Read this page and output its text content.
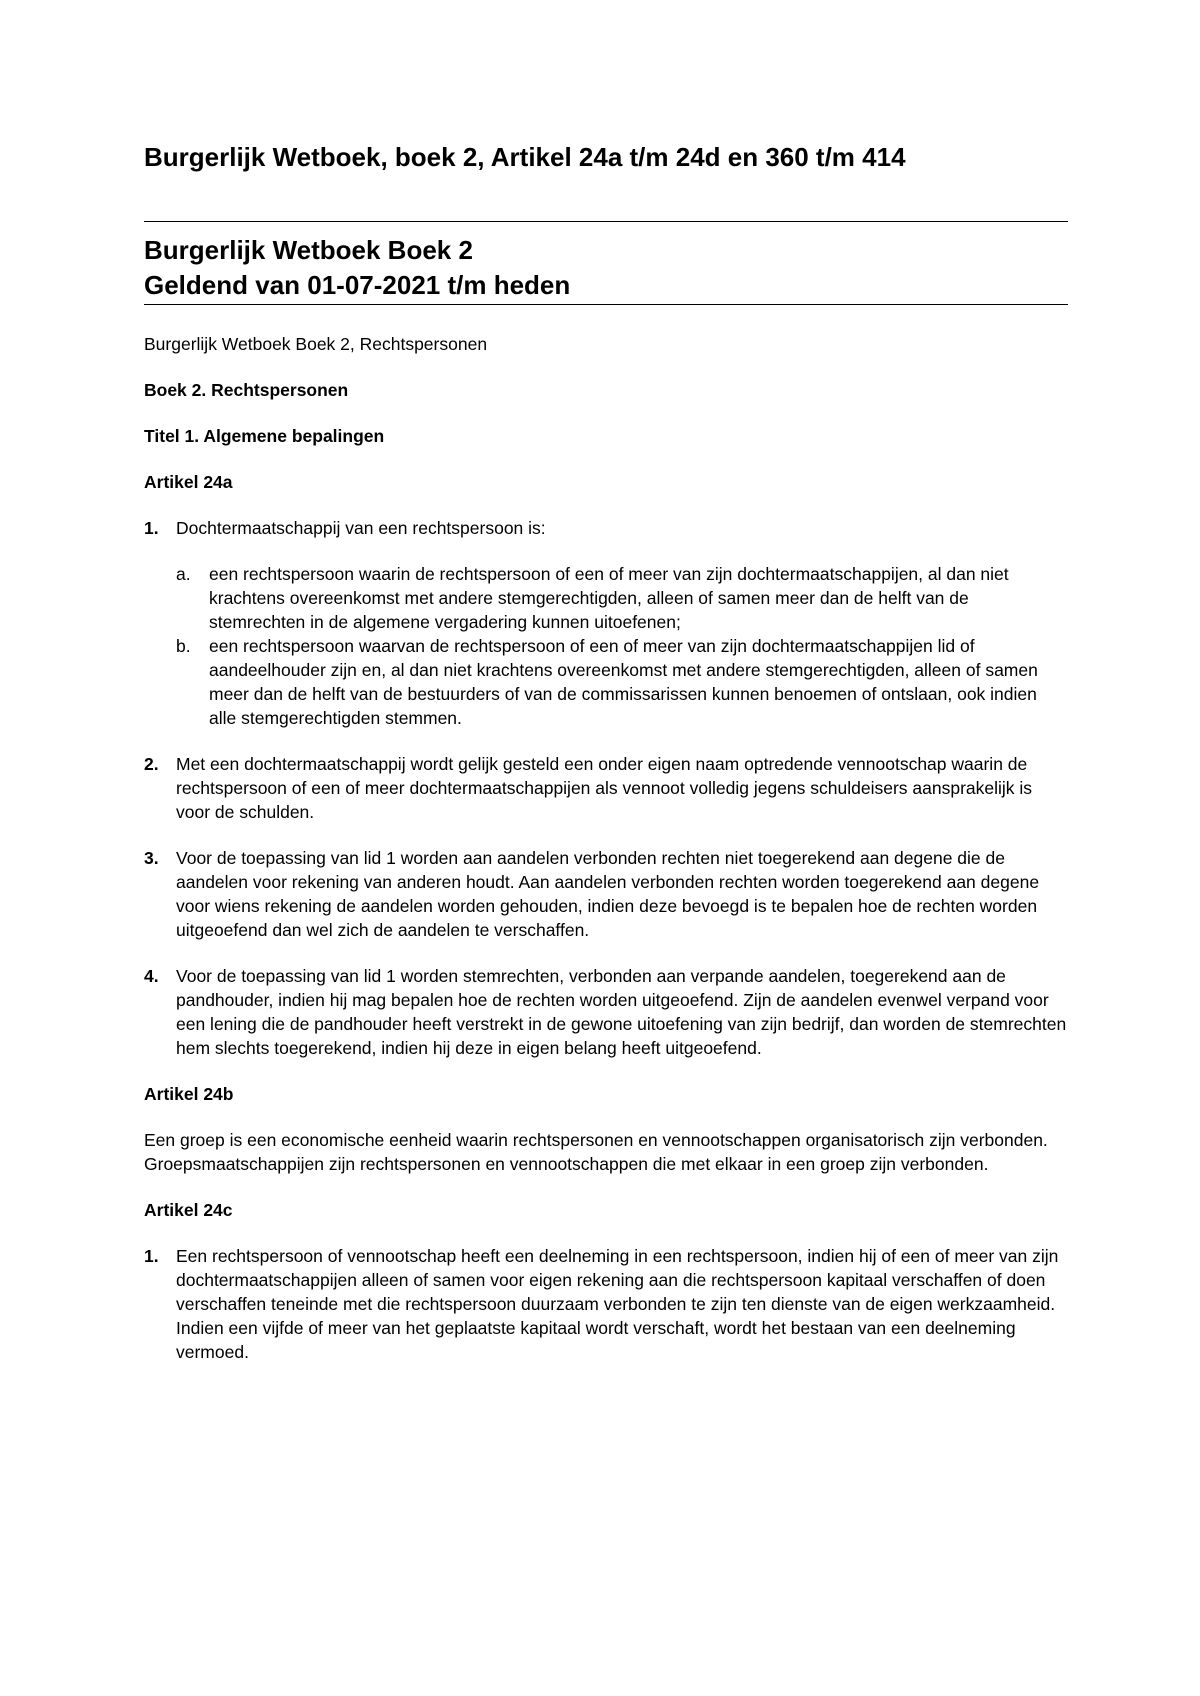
Burgerlijk Wetboek, boek 2, Artikel 24a t/m 24d en 360 t/m 414
Burgerlijk Wetboek Boek 2
Geldend van 01-07-2021 t/m heden

Burgerlijk Wetboek Boek 2, Rechtspersonen

Boek 2. Rechtspersonen

Titel 1. Algemene bepalingen

Artikel 24a

1. Dochtermaatschappij van een rechtspersoon is:
a. een rechtspersoon waarin de rechtspersoon of een of meer van zijn dochtermaatschappijen, al dan niet krachtens overeenkomst met andere stemgerechtigden, alleen of samen meer dan de helft van de stemrechten in de algemene vergadering kunnen uitoefenen;
b. een rechtspersoon waarvan de rechtspersoon of een of meer van zijn dochtermaatschappijen lid of aandeelhouder zijn en, al dan niet krachtens overeenkomst met andere stemgerechtigden, alleen of samen meer dan de helft van de bestuurders of van de commissarissen kunnen benoemen of ontslaan, ook indien alle stemgerechtigden stemmen.
2. Met een dochtermaatschappij wordt gelijk gesteld een onder eigen naam optredende vennootschap waarin de rechtspersoon of een of meer dochtermaatschappijen als vennoot volledig jegens schuldeisers aansprakelijk is voor de schulden.
3. Voor de toepassing van lid 1 worden aan aandelen verbonden rechten niet toegerekend aan degene die de aandelen voor rekening van anderen houdt. Aan aandelen verbonden rechten worden toegerekend aan degene voor wiens rekening de aandelen worden gehouden, indien deze bevoegd is te bepalen hoe de rechten worden uitgeoefend dan wel zich de aandelen te verschaffen.
4. Voor de toepassing van lid 1 worden stemrechten, verbonden aan verpande aandelen, toegerekend aan de pandhouder, indien hij mag bepalen hoe de rechten worden uitgeoefend. Zijn de aandelen evenwel verpand voor een lening die de pandhouder heeft verstrekt in de gewone uitoefening van zijn bedrijf, dan worden de stemrechten hem slechts toegerekend, indien hij deze in eigen belang heeft uitgeoefend.

Artikel 24b

Een groep is een economische eenheid waarin rechtspersonen en vennootschappen organisatorisch zijn verbonden. Groepsmaatschappijen zijn rechtspersonen en vennootschappen die met elkaar in een groep zijn verbonden.

Artikel 24c

1. Een rechtspersoon of vennootschap heeft een deelneming in een rechtspersoon, indien hij of een of meer van zijn dochtermaatschappijen alleen of samen voor eigen rekening aan die rechtspersoon kapitaal verschaffen of doen verschaffen teneinde met die rechtspersoon duurzaam verbonden te zijn ten dienste van de eigen werkzaamheid. Indien een vijfde of meer van het geplaatste kapitaal wordt verschaft, wordt het bestaan van een deelneming vermoed.
